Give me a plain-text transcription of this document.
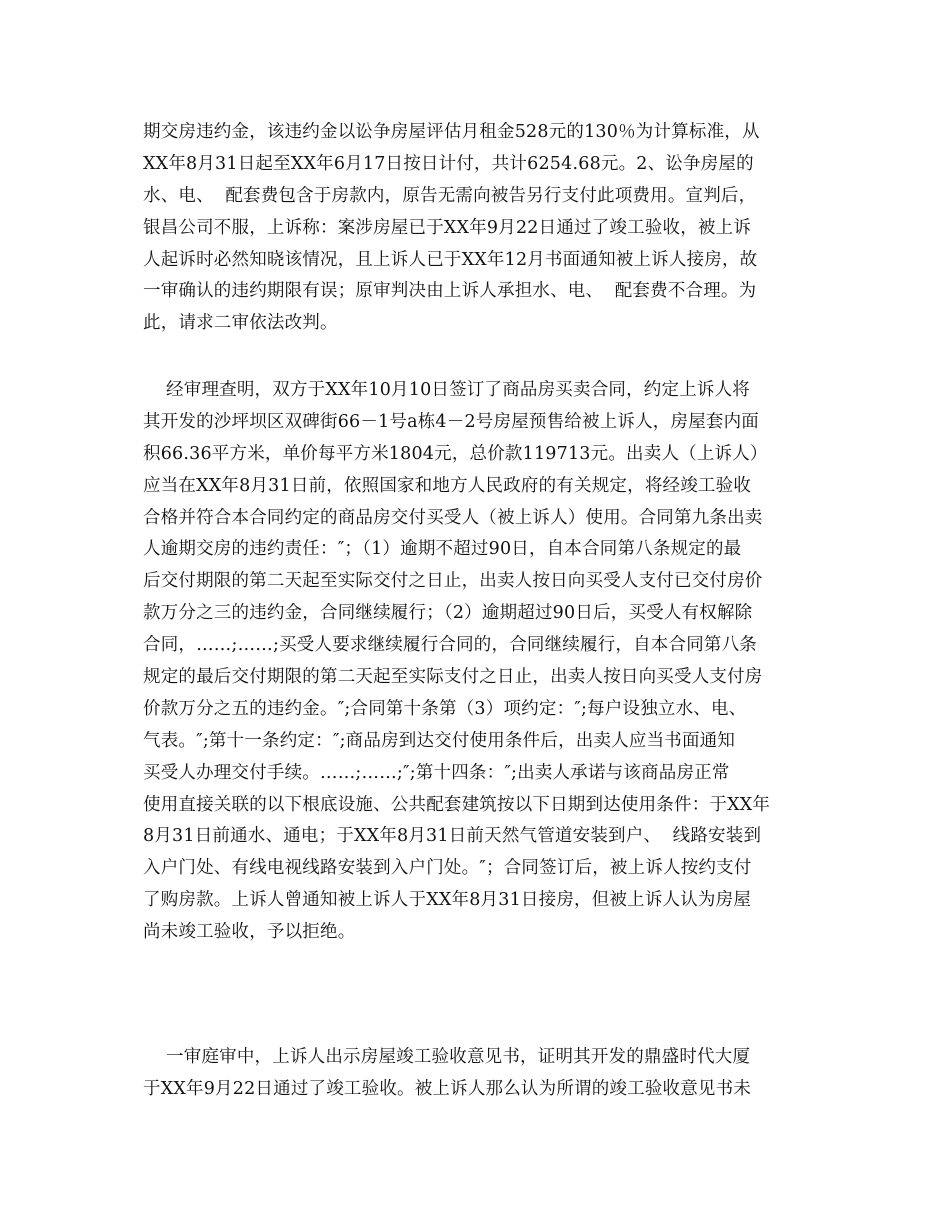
期交房违约金，该违约金以讼争房屋评估月租金528元的130％为计算标准，从
XX年8月31日起至XX年6月17日按日计付，共计6254.68元。2、讼争房屋的
水、电、  配套费包含于房款内，原告无需向被告另行支付此项费用。宣判后，
银昌公司不服，上诉称：案涉房屋已于XX年9月22日通过了竣工验收，被上诉
人起诉时必然知晓该情况，且上诉人已于XX年12月书面通知被上诉人接房，故
一审确认的违约期限有误；原审判决由上诉人承担水、电、  配套费不合理。为
此，请求二审依法改判。
经审理查明，双方于XX年10月10日签订了商品房买卖合同，约定上诉人将
其开发的沙坪坝区双碑街66－1号a栋4－2号房屋预售给被上诉人，房屋套内面
积66.36平方米，单价每平方米1804元，总价款119713元。出卖人（上诉人）
应当在XX年8月31日前，依照国家和地方人民政府的有关规定，将经竣工验收
合格并符合本合同约定的商品房交付买受人（被上诉人）使用。合同第九条出卖
人逾期交房的违约责任：″；（1）逾期不超过90日，自本合同第八条规定的最
后交付期限的第二天起至实际交付之日止，出卖人按日向买受人支付已交付房价
款万分之三的违约金，合同继续履行；（2）逾期超过90日后，买受人有权解除
合同，……;……;买受人要求继续履行合同的，合同继续履行，自本合同第八条
规定的最后交付期限的第二天起至实际支付之日止，出卖人按日向买受人支付房
价款万分之五的违约金。″;合同第十条第（3）项约定：″;每户设独立水、电、
气表。″;第十一条约定：″;商品房到达交付使用条件后，出卖人应当书面通知
买受人办理交付手续。……;……;″;第十四条：″;出卖人承诺与该商品房正常
使用直接关联的以下根底设施、公共配套建筑按以下日期到达使用条件：于XX年
8月31日前通水、通电；于XX年8月31日前天然气管道安装到户、  线路安装到
入户门处、有线电视线路安装到入户门处。″；合同签订后，被上诉人按约支付
了购房款。上诉人曾通知被上诉人于XX年8月31日接房，但被上诉人认为房屋
尚未竣工验收，予以拒绝。
一审庭审中，上诉人出示房屋竣工验收意见书，证明其开发的鼎盛时代大厦
于XX年9月22日通过了竣工验收。被上诉人那么认为所谓的竣工验收意见书未
